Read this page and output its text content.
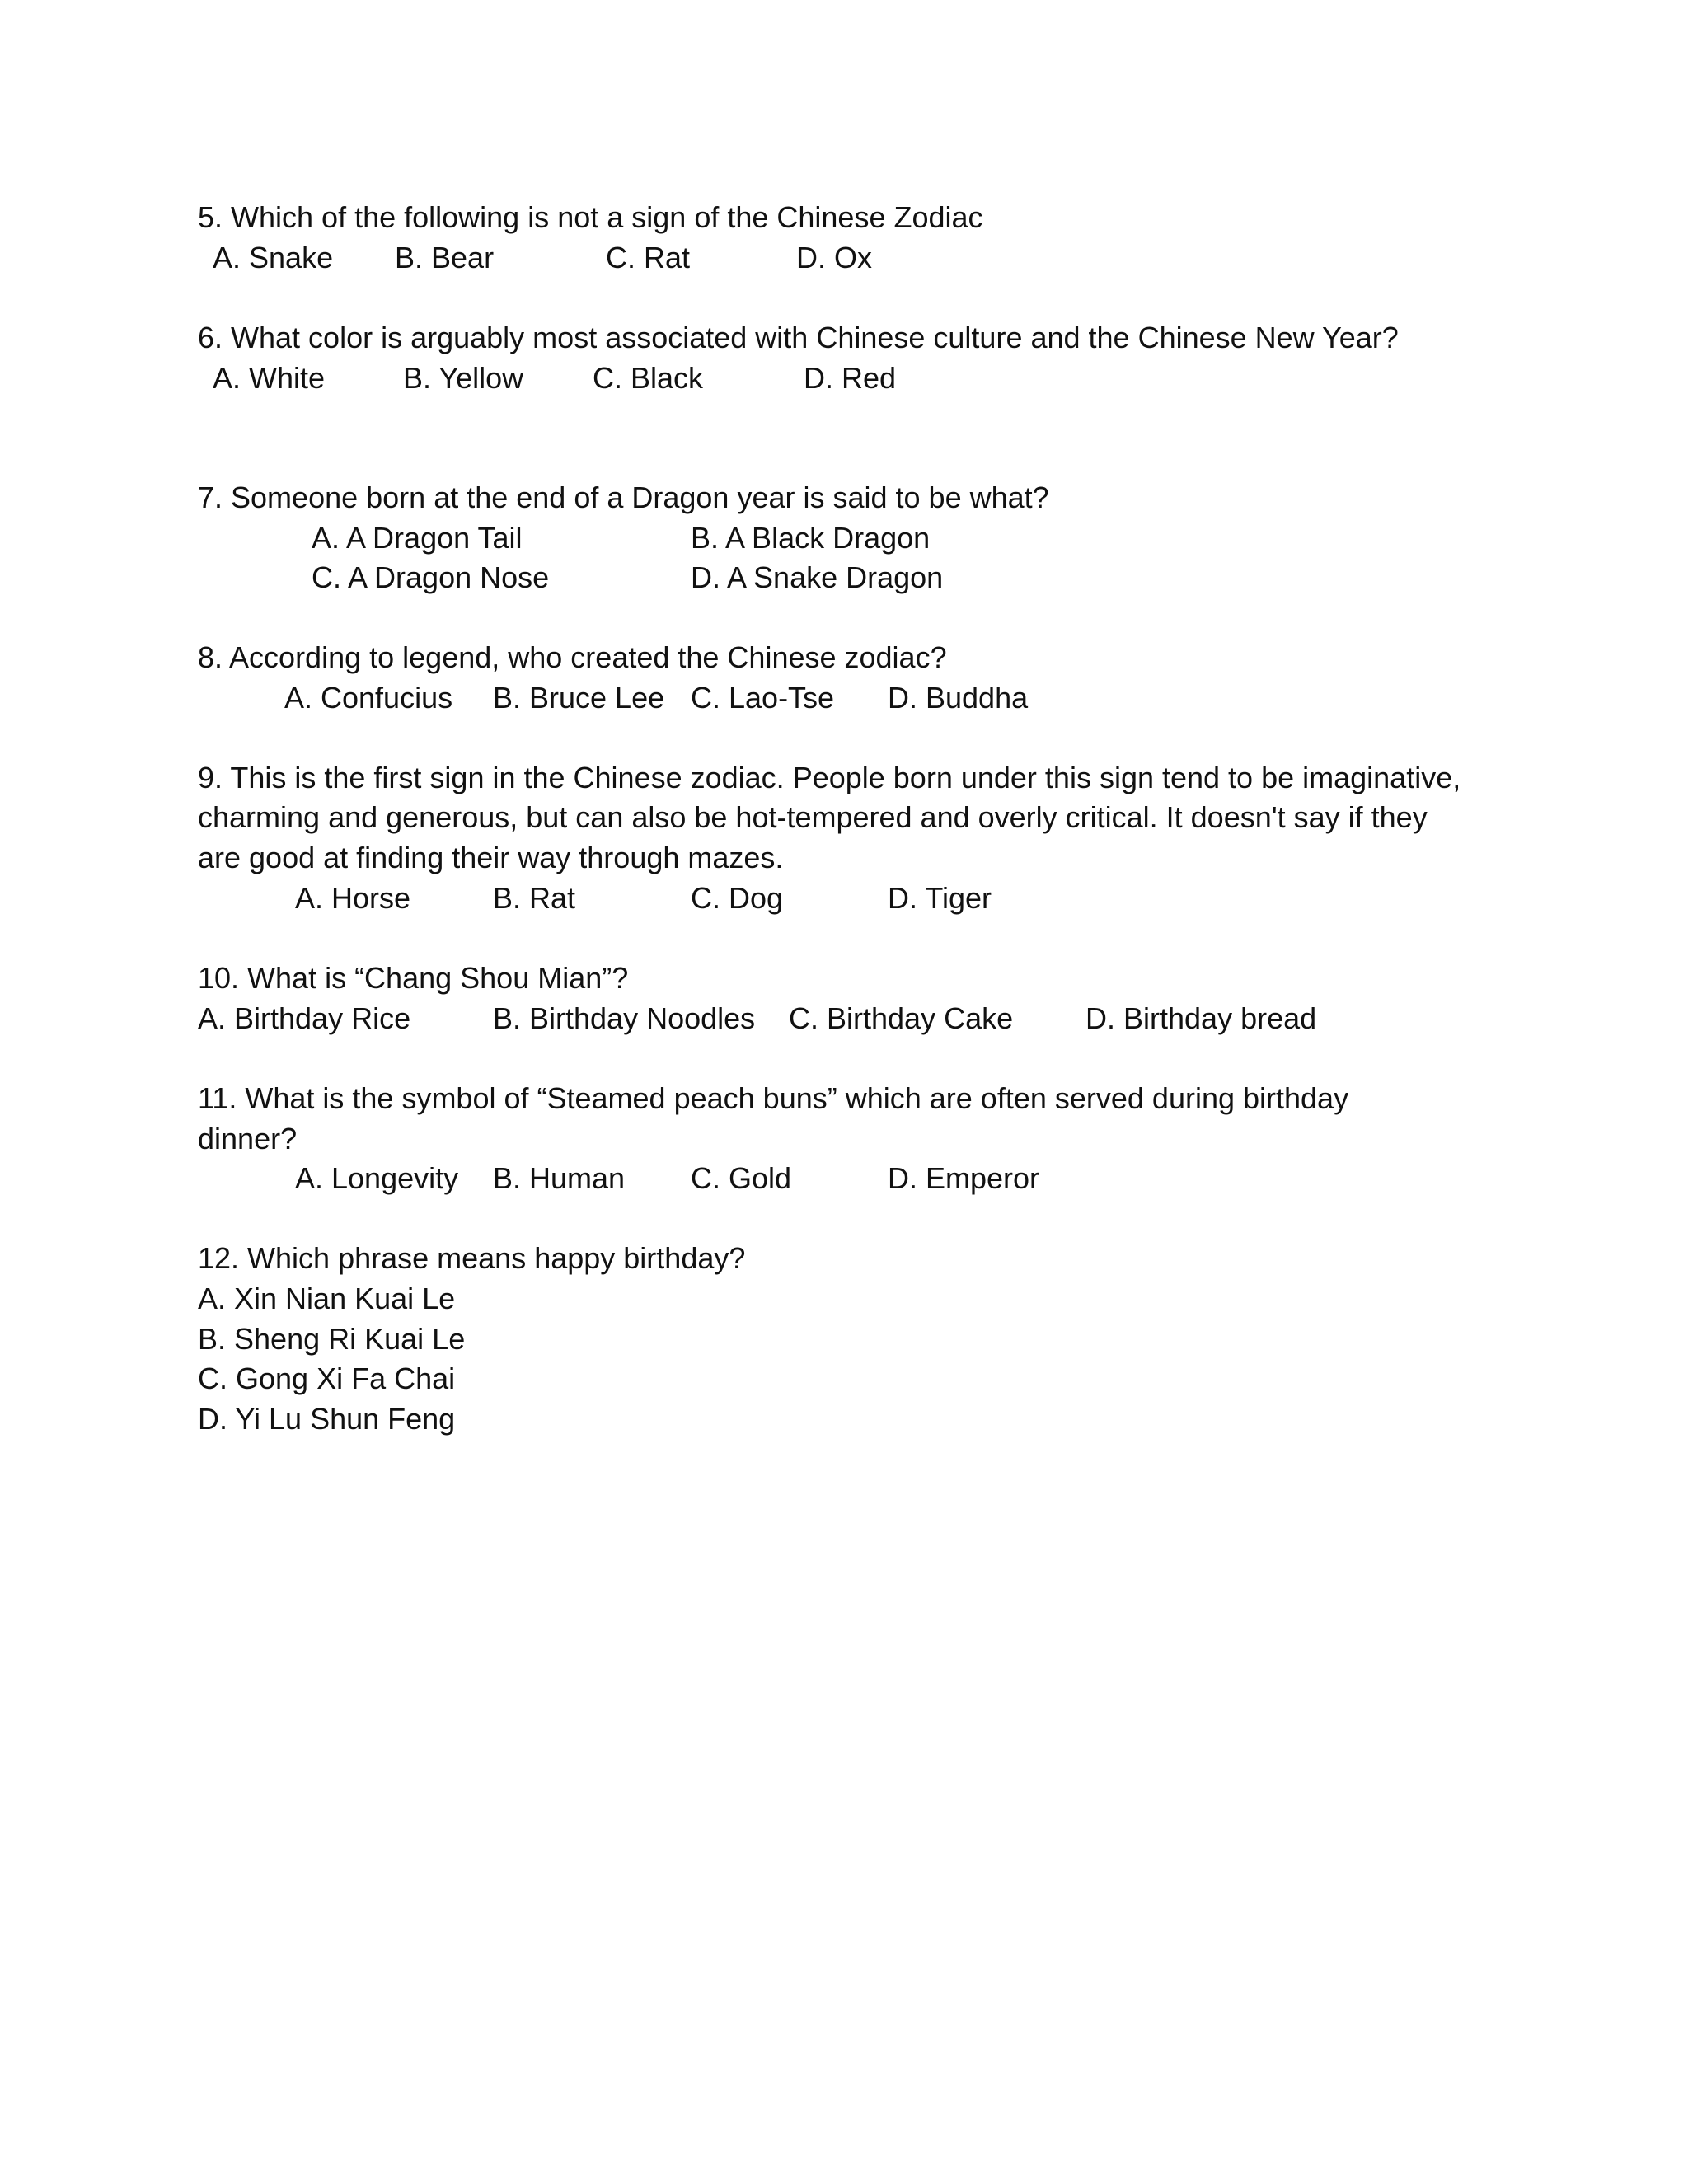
5. Which of the following is not a sign of the Chinese Zodiac
A. Snake B. Bear	C. Rat	D. Ox
6. What color is arguably most associated with Chinese culture and the Chinese New Year?
A. White	B. Yellow C. Black	D. Red
7. Someone born at the end of a Dragon year is said to be what?
A. A Dragon Tail	B. A Black Dragon
C. A Dragon Nose	D. A Snake Dragon
8. According to legend, who created the Chinese zodiac?
A. Confucius B. Bruce Lee C. Lao-Tse D. Buddha
9. This is the first sign in the Chinese zodiac. People born under this sign tend to be imaginative,
charming and generous, but can also be hot-tempered and overly critical. It doesn't say if they
are good at finding their way through mazes.
A. Horse	B. Rat	C. Dog	D. Tiger
10. What is “Chang Shou Mian”?
A. Birthday Rice	B. Birthday Noodles C. Birthday Cake D. Birthday bread
11. What is the symbol of “Steamed peach buns” which are often served during birthday
dinner?
A. Longevity B. Human C. Gold	D. Emperor
12. Which phrase means happy birthday?
A. Xin Nian Kuai Le
B. Sheng Ri Kuai Le
C. Gong Xi Fa Chai
D. Yi Lu Shun Feng
